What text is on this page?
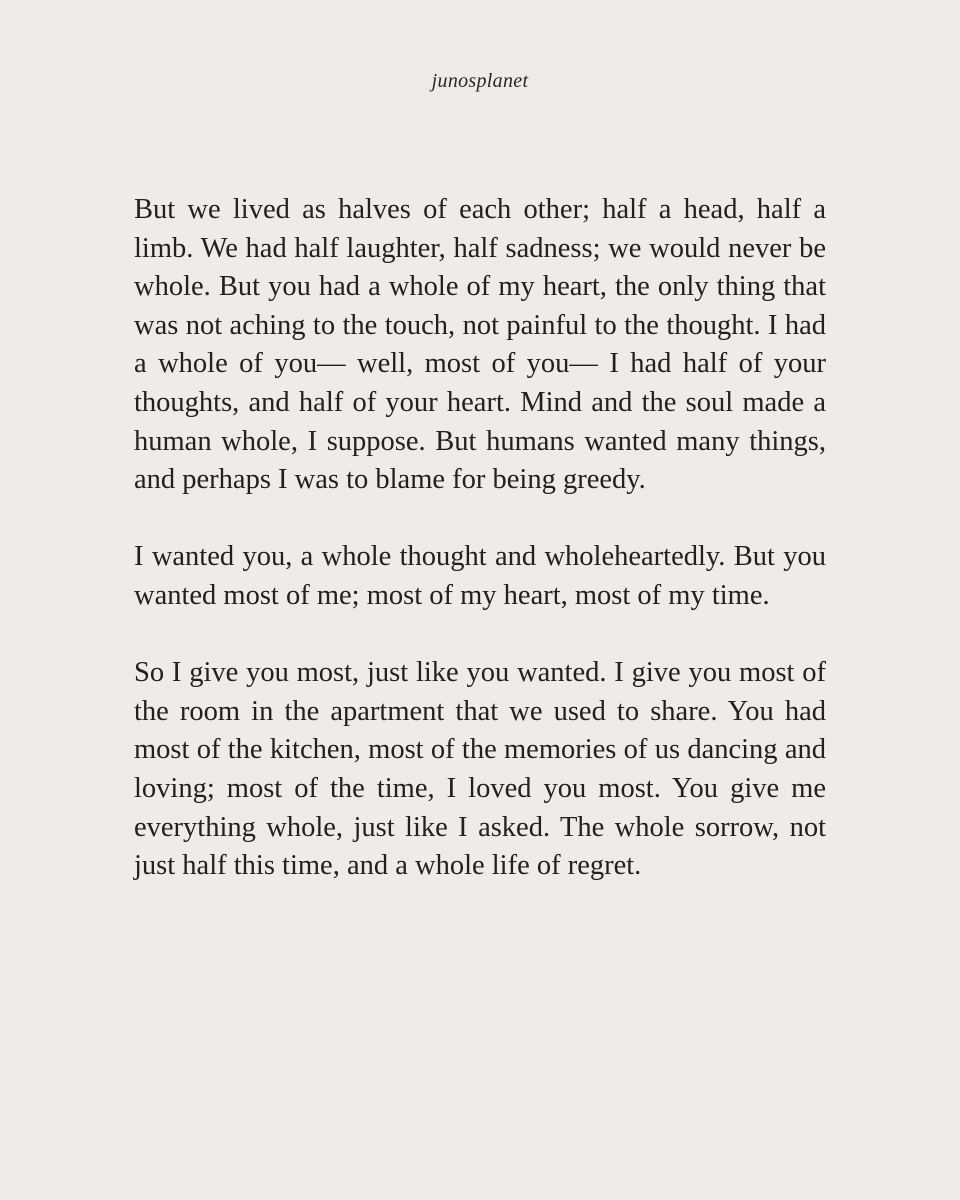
junosplanet

But we lived as halves of each other; half a head, half a limb. We had half laughter, half sadness; we would never be whole. But you had a whole of my heart, the only thing that was not aching to the touch, not painful to the thought. I had a whole of you— well, most of you— I had half of your thoughts, and half of your heart. Mind and the soul made a human whole, I suppose. But humans wanted many things, and perhaps I was to blame for being greedy.

I wanted you, a whole thought and wholeheartedly. But you wanted most of me; most of my heart, most of my time.

So I give you most, just like you wanted. I give you most of the room in the apartment that we used to share. You had most of the kitchen, most of the memories of us dancing and loving; most of the time, I loved you most. You give me everything whole, just like I asked. The whole sorrow, not just half this time, and a whole life of regret.
